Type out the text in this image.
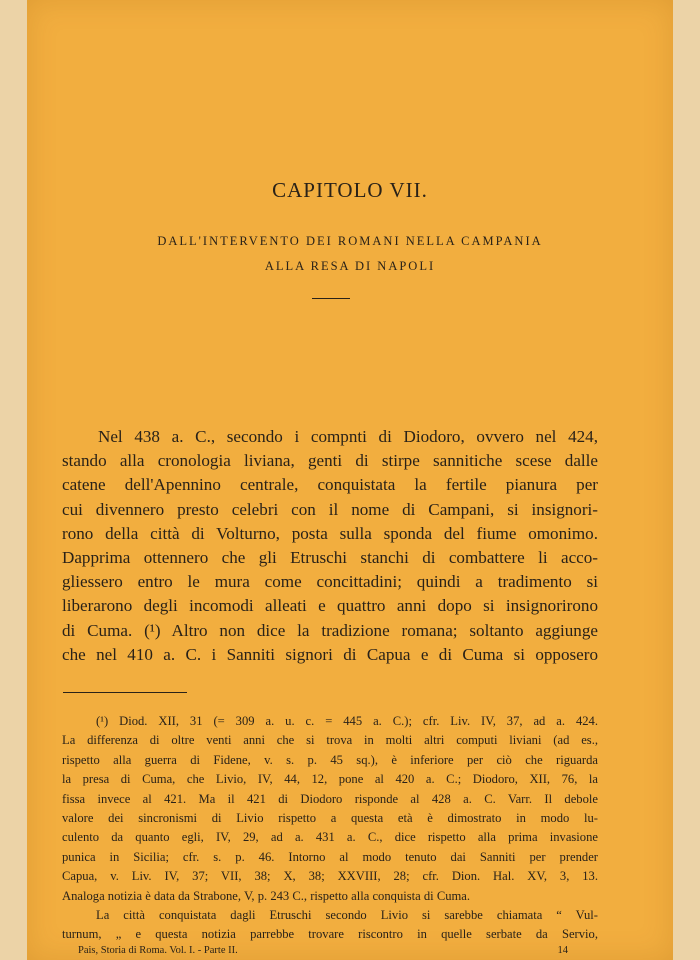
CAPITOLO VII.
DALL'INTERVENTO DEI ROMANI NELLA CAMPANIA
ALLA RESA DI NAPOLI
Nel 438 a. C., secondo i compnti di Diodoro, ovvero nel 424,
stando alla cronologia liviana, genti di stirpe sannitiche scese dalle
catene dell'Apennino centrale, conquistata la fertile pianura per
cui divennero presto celebri con il nome di Campani, si insignori-
rono della città di Volturno, posta sulla sponda del fiume omonimo.
Dapprima ottennero che gli Etruschi stanchi di combattere li acco-
gliessero entro le mura come concittadini; quindi a tradimento si
liberarono degli incomodi alleati e quattro anni dopo si insignorirono
di Cuma. (¹) Altro non dice la tradizione romana; soltanto aggiunge
che nel 410 a. C. i Sanniti signori di Capua e di Cuma si opposero
(¹) Diod. XII, 31 (= 309 a. u. c. = 445 a. C.); cfr. Liv. IV, 37, ad a. 424.
La differenza di oltre venti anni che si trova in molti altri computi liviani (ad es.,
rispetto alla guerra di Fidene, v. s. p. 45 sq.), è inferiore per ciò che riguarda
la presa di Cuma, che Livio, IV, 44, 12, pone al 420 a. C.; Diodoro, XII, 76, la
fissa invece al 421. Ma il 421 di Diodoro risponde al 428 a. C. Varr. Il debole
valore dei sincronismi di Livio rispetto a questa età è dimostrato in modo lu-
culento da quanto egli, IV, 29, ad a. 431 a. C., dice rispetto alla prima invasione
punica in Sicilia; cfr. s. p. 46. Intorno al modo tenuto dai Sanniti per prender
Capua, v. Liv. IV, 37; VII, 38; X, 38; XXVIII, 28; cfr. Dion. Hal. XV, 3, 13.
Analoga notizia è data da Strabone, V, p. 243 C., rispetto alla conquista di Cuma.
La città conquistata dagli Etruschi secondo Livio si sarebbe chiamata “ Vul-
turnum, „ e questa notizia parrebbe trovare riscontro in quelle serbate da Servio,
Pais, Storia di Roma. Vol. I. - Parte II.	14
